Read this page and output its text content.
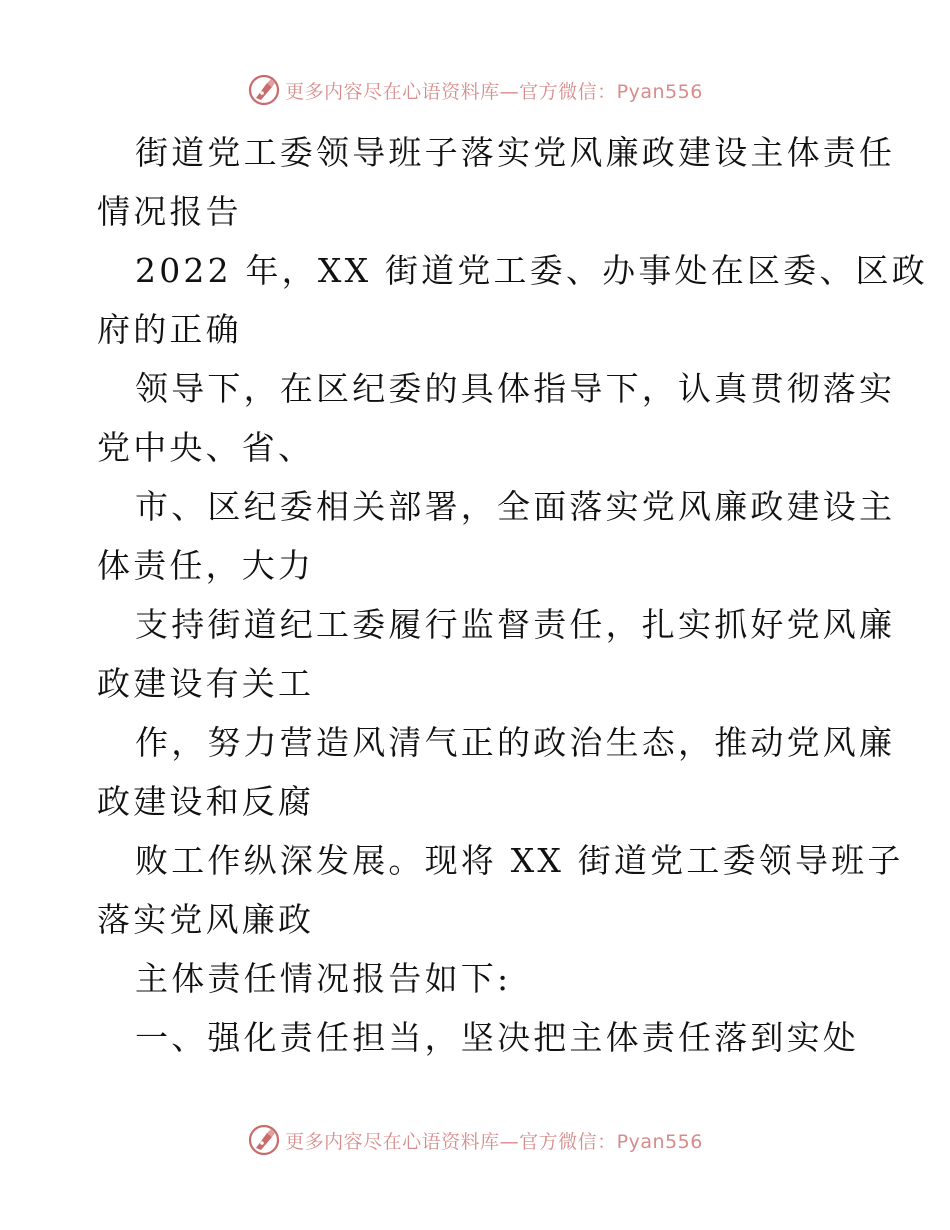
更多内容尽在心语资料库—官方微信：Pyan556
街道党工委领导班子落实党风廉政建设主体责任
情况报告
2022 年，XX 街道党工委、办事处在区委、区政
府的正确
领导下，在区纪委的具体指导下，认真贯彻落实
党中央、省、
市、区纪委相关部署，全面落实党风廉政建设主
体责任，大力
支持街道纪工委履行监督责任，扎实抓好党风廉
政建设有关工
作，努力营造风清气正的政治生态，推动党风廉
政建设和反腐
败工作纵深发展。现将 XX 街道党工委领导班子
落实党风廉政
主体责任情况报告如下:
一、强化责任担当，坚决把主体责任落到实处
更多内容尽在心语资料库—官方微信：Pyan556
